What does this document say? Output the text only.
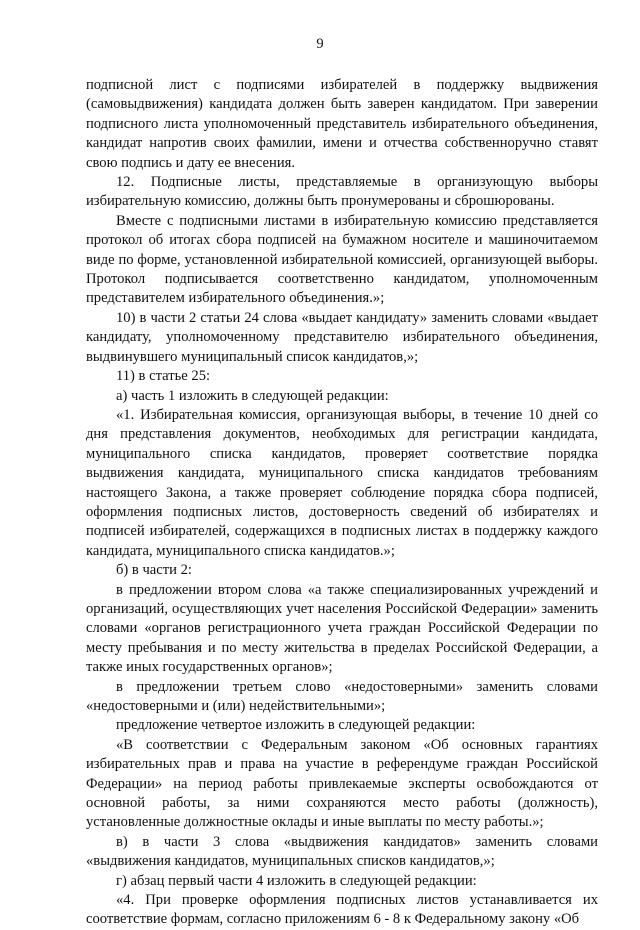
9

подписной лист с подписями избирателей в поддержку выдвижения (самовыдвижения) кандидата должен быть заверен кандидатом. При заверении подписного листа уполномоченный представитель избирательного объединения, кандидат напротив своих фамилии, имени и отчества собственноручно ставят свою подпись и дату ее внесения.

12. Подписные листы, представляемые в организующую выборы избирательную комиссию, должны быть пронумерованы и сброшюрованы.

Вместе с подписными листами в избирательную комиссию представляется протокол об итогах сбора подписей на бумажном носителе и машиночитаемом виде по форме, установленной избирательной комиссией, организующей выборы. Протокол подписывается соответственно кандидатом, уполномоченным представителем избирательного объединения.»;

10) в части 2 статьи 24 слова «выдает кандидату» заменить словами «выдает кандидату, уполномоченному представителю избирательного объединения, выдвинувшего муниципальный список кандидатов,»;

11) в статье 25:

а) часть 1 изложить в следующей редакции:

«1. Избирательная комиссия, организующая выборы, в течение 10 дней со дня представления документов, необходимых для регистрации кандидата, муниципального списка кандидатов, проверяет соответствие порядка выдвижения кандидата, муниципального списка кандидатов требованиям настоящего Закона, а также проверяет соблюдение порядка сбора подписей, оформления подписных листов, достоверность сведений об избирателях и подписей избирателей, содержащихся в подписных листах в поддержку каждого кандидата, муниципального списка кандидатов.»;

б) в части 2:

в предложении втором слова «а также специализированных учреждений и организаций, осуществляющих учет населения Российской Федерации» заменить словами «органов регистрационного учета граждан Российской Федерации по месту пребывания и по месту жительства в пределах Российской Федерации, а также иных государственных органов»;

в предложении третьем слово «недостоверными» заменить словами «недостоверными и (или) недействительными»;

предложение четвертое изложить в следующей редакции:

«В соответствии с Федеральным законом «Об основных гарантиях избирательных прав и права на участие в референдуме граждан Российской Федерации» на период работы привлекаемые эксперты освобождаются от основной работы, за ними сохраняются место работы (должность), установленные должностные оклады и иные выплаты по месту работы.»;

в) в части 3 слова «выдвижения кандидатов» заменить словами «выдвижения кандидатов, муниципальных списков кандидатов,»;

г) абзац первый части 4 изложить в следующей редакции:

«4. При проверке оформления подписных листов устанавливается их соответствие формам, согласно приложениям 6 - 8 к Федеральному закону «Об
